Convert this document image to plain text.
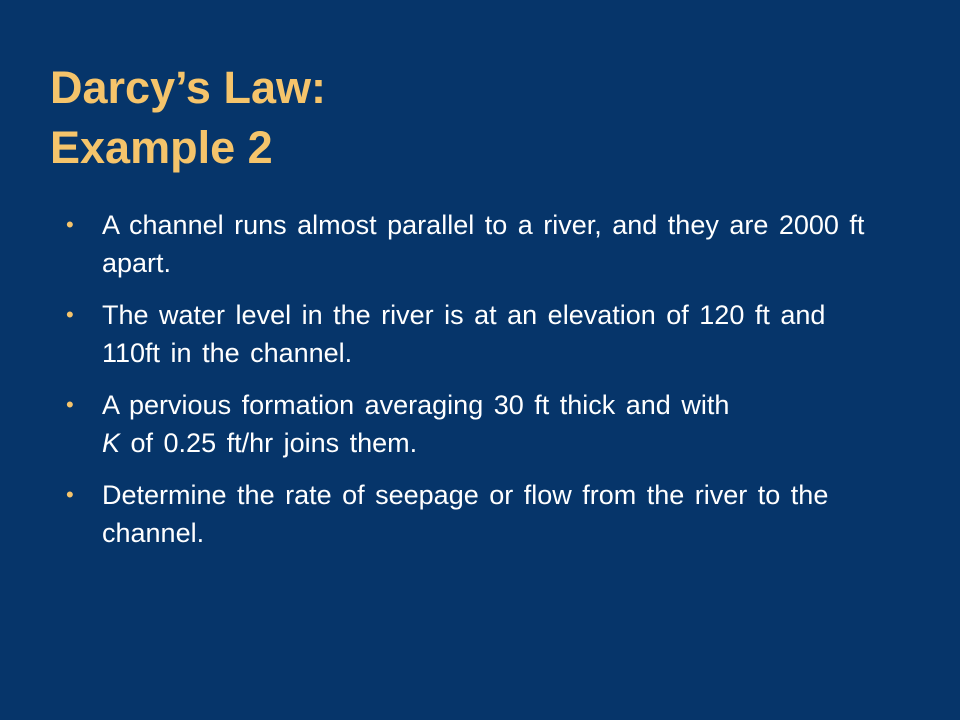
Darcy’s Law:
Example 2
• A channel runs almost parallel to a river, and they are 2000 ft apart.
• The water level in the river is at an elevation of 120 ft and 110ft in the channel.
• A pervious formation averaging 30 ft thick and with
K of 0.25 ft/hr joins them.
• Determine the rate of seepage or flow from the river to the channel.
